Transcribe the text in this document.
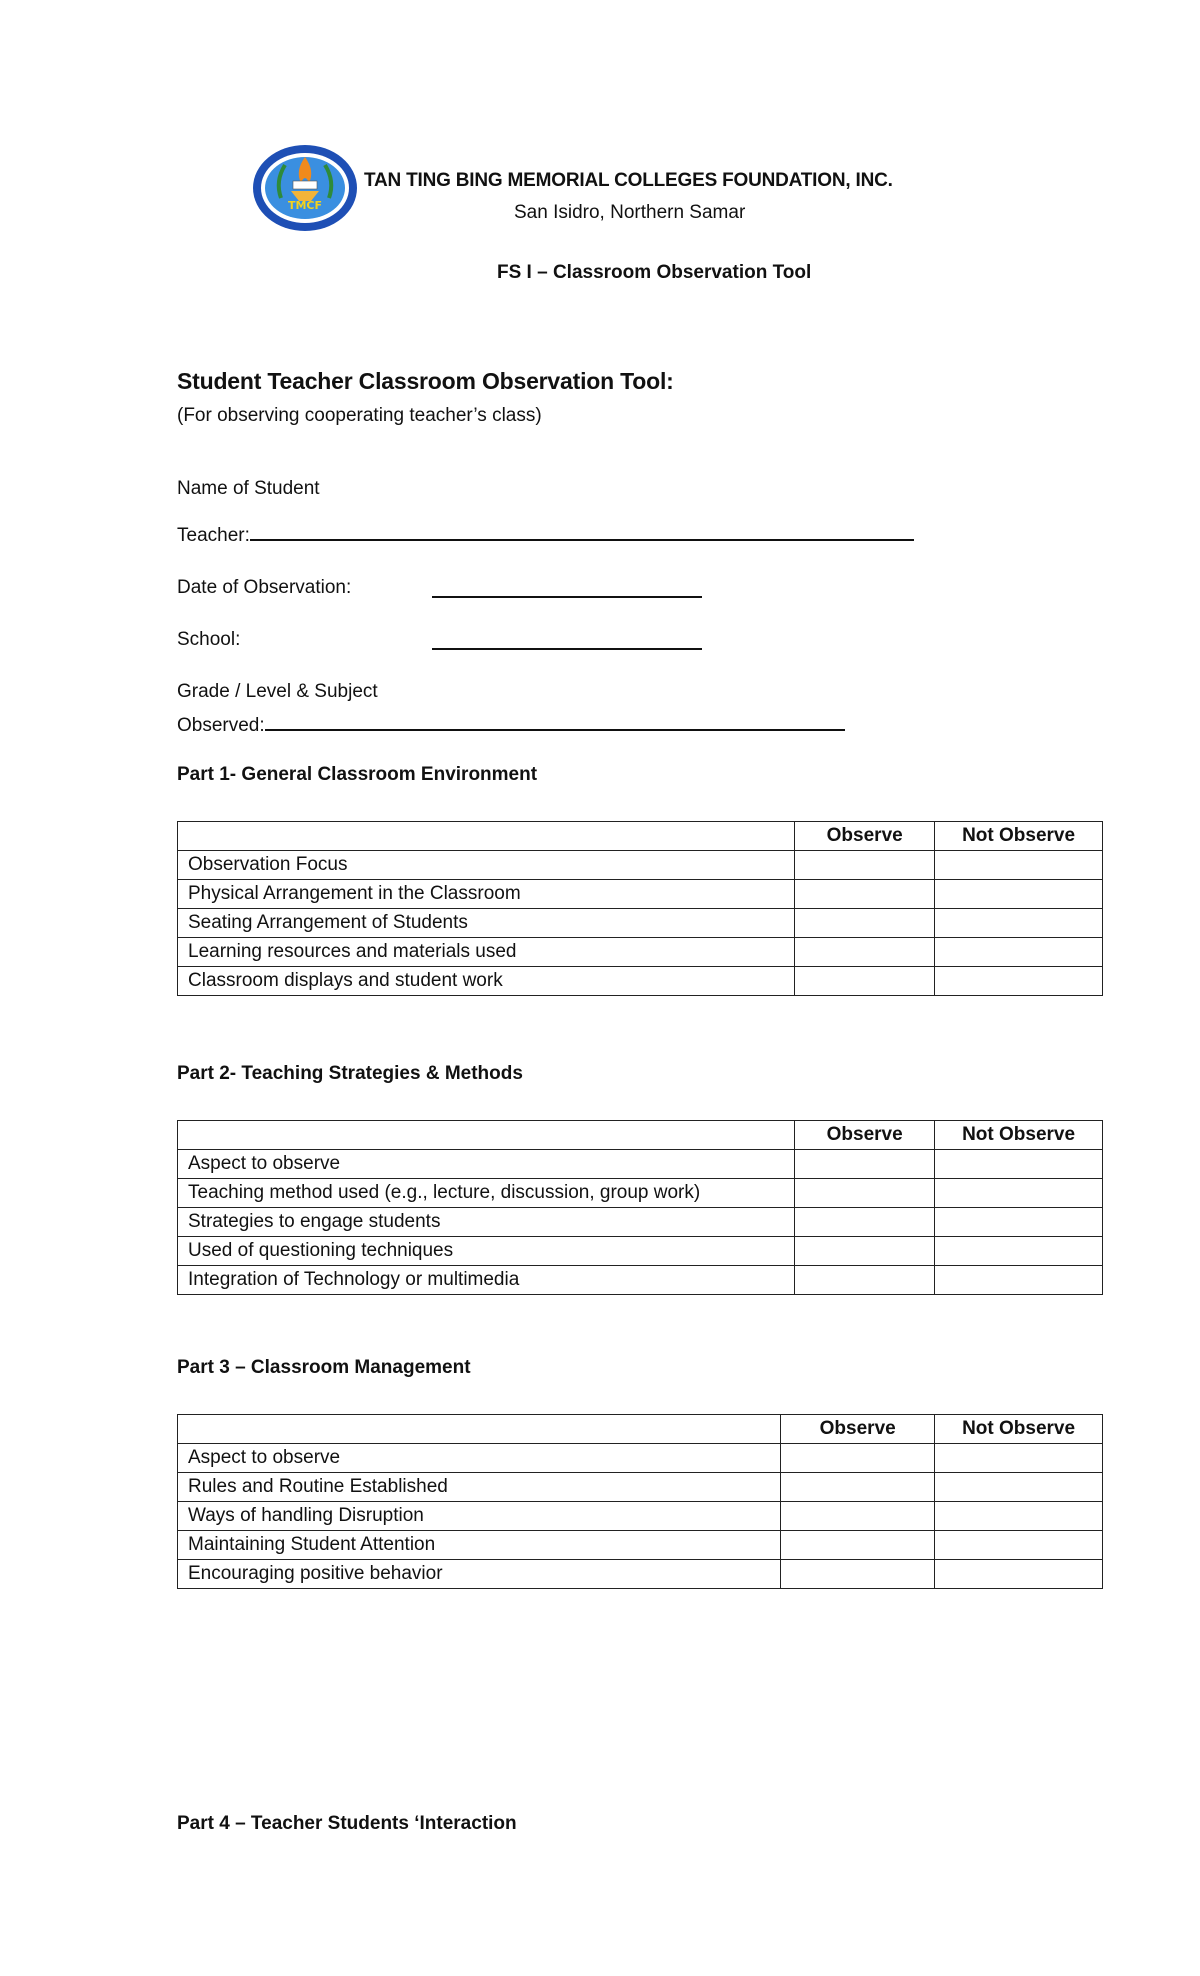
TMCF
TAN TING BING MEMORIAL COLLEGES FOUNDATION, INC.
San Isidro, Northern Samar
FS I – Classroom Observation Tool
Student Teacher Classroom Observation Tool:
(For observing cooperating teacher’s class)
Name of Student
Teacher:
Date of Observation:
School:
Grade / Level & Subject
Observed:
Part 1- General Classroom Environment
	Observe	Not Observe
Observation Focus		
Physical Arrangement in the Classroom		
Seating Arrangement of Students		
Learning resources and materials used		
Classroom displays and student work		
Part 2- Teaching Strategies & Methods
	Observe	Not Observe
Aspect to observe		
Teaching method used (e.g., lecture, discussion, group work)		
Strategies to engage students		
Used of questioning techniques		
Integration of Technology or multimedia		
Part 3 – Classroom Management
	Observe	Not Observe
Aspect to observe		
Rules and Routine Established		
Ways of handling Disruption		
Maintaining Student Attention		
Encouraging positive behavior		
Part 4 – Teacher Students ‘Interaction
